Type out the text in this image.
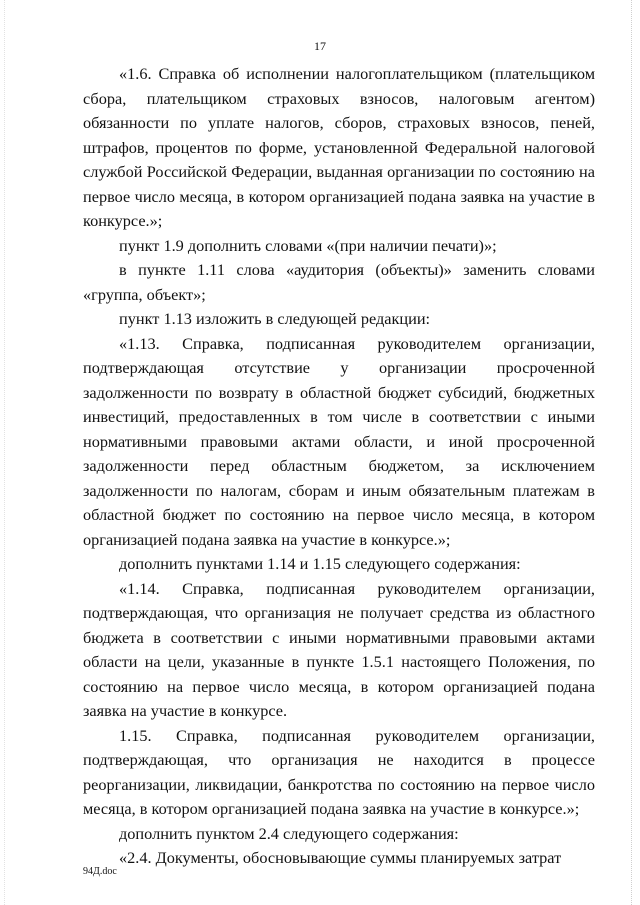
17

«1.6. Справка об исполнении налогоплательщиком (плательщиком сбора, плательщиком страховых взносов, налоговым агентом) обязанности по уплате налогов, сборов, страховых взносов, пеней, штрафов, процентов по форме, установленной Федеральной налоговой службой Российской Федерации, выданная организации по состоянию на первое число месяца, в котором организацией подана заявка на участие в конкурсе.»;

пункт 1.9 дополнить словами «(при наличии печати)»;

в пункте 1.11 слова «аудитория (объекты)» заменить словами «группа, объект»;

пункт 1.13 изложить в следующей редакции:

«1.13. Справка, подписанная руководителем организации, подтверждающая отсутствие у организации просроченной задолженности по возврату в областной бюджет субсидий, бюджетных инвестиций, предоставленных в том числе в соответствии с иными нормативными правовыми актами области, и иной просроченной задолженности перед областным бюджетом, за исключением задолженности по налогам, сборам и иным обязательным платежам в областной бюджет по состоянию на первое число месяца, в котором организацией подана заявка на участие в конкурсе.»;

дополнить пунктами 1.14 и 1.15 следующего содержания:

«1.14. Справка, подписанная руководителем организации, подтверждающая, что организация не получает средства из областного бюджета в соответствии с иными нормативными правовыми актами области на цели, указанные в пункте 1.5.1 настоящего Положения, по состоянию на первое число месяца, в котором организацией подана заявка на участие в конкурсе.

1.15. Справка, подписанная руководителем организации, подтверждающая, что организация не находится в процессе реорганизации, ликвидации, банкротства по состоянию на первое число месяца, в котором организацией подана заявка на участие в конкурсе.»;

дополнить пунктом 2.4 следующего содержания:

«2.4. Документы, обосновывающие суммы планируемых затрат

94Д.doc
